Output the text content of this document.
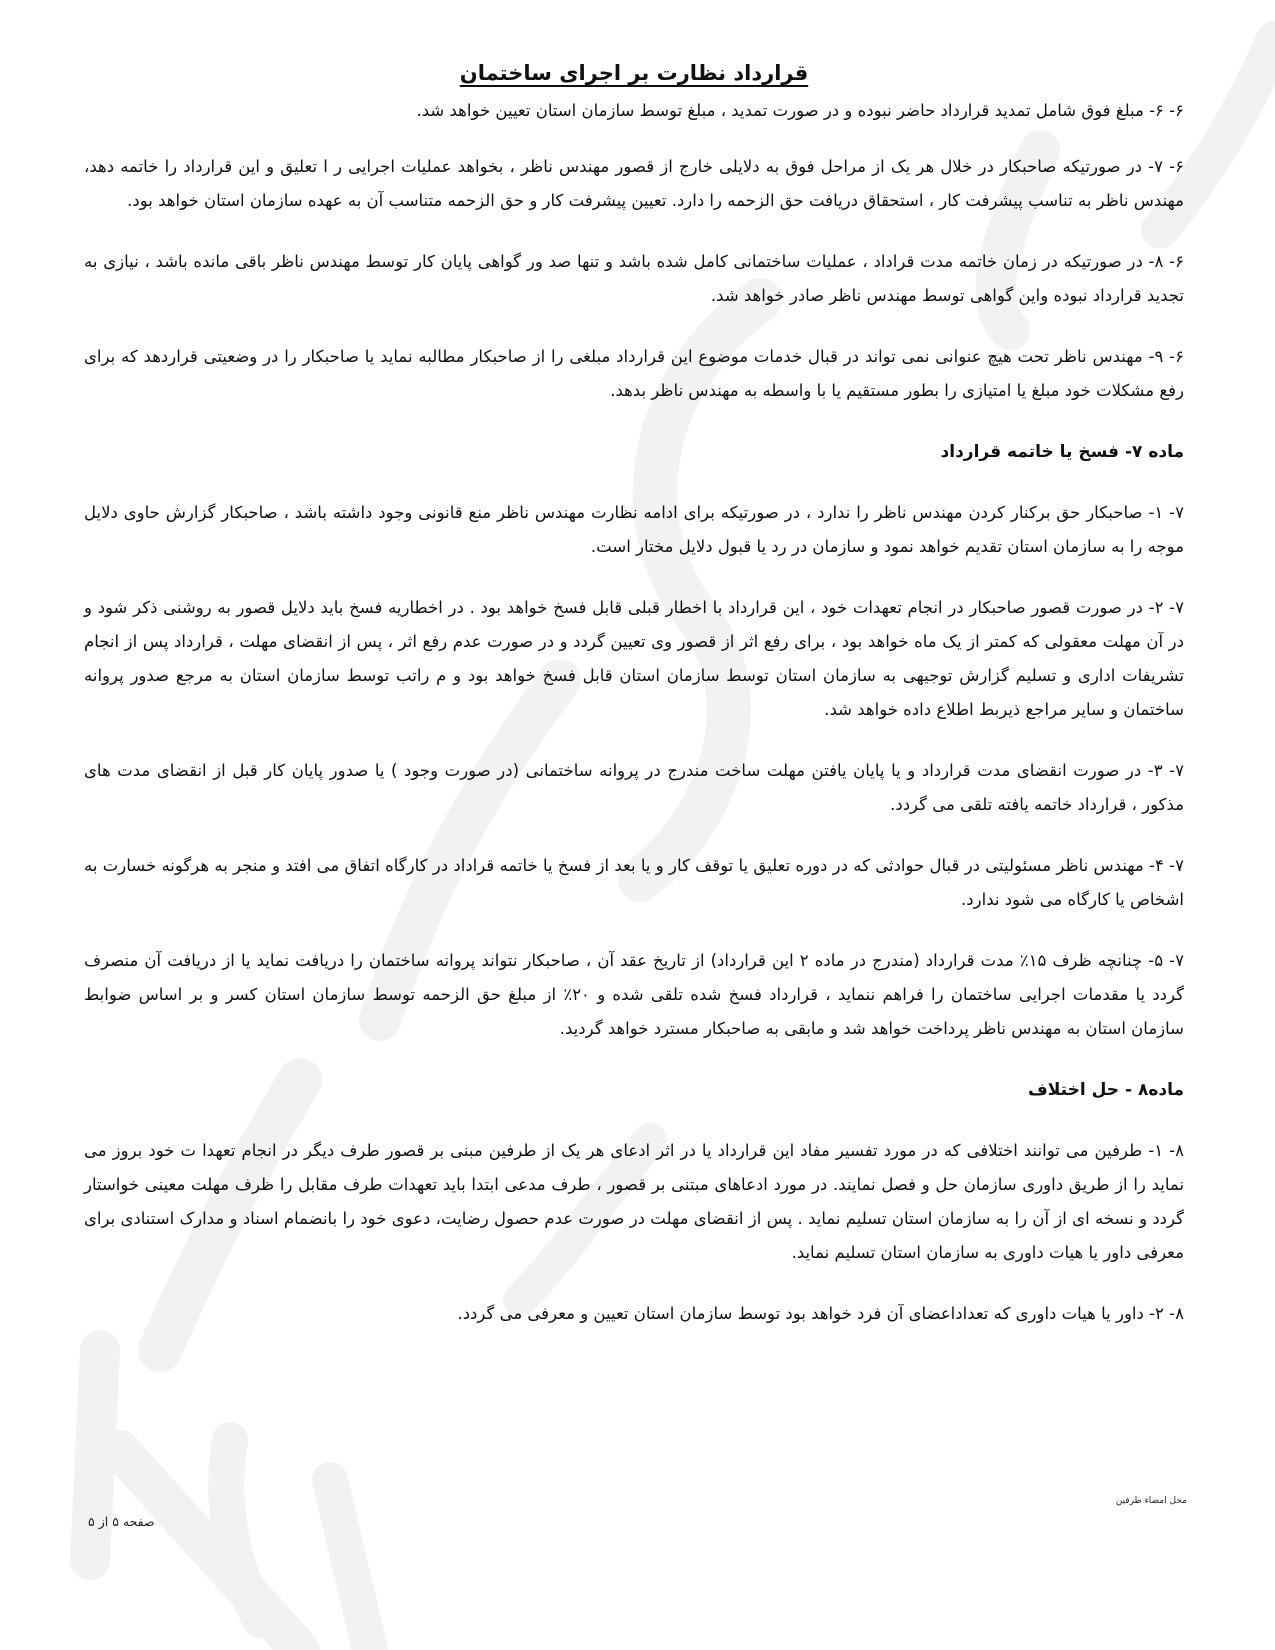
قرارداد نظارت بر اجرای ساختمان

۶- ۶- مبلغ فوق شامل تمدید قرارداد حاضر نبوده و در صورت تمدید ، مبلغ توسط سازمان استان تعیین خواهد شد.

۶- ۷- در صورتیکه صاحبکار در خلال هر یک از مراحل فوق به دلایلی خارج از قصور مهندس ناظر ، بخواهد عملیات اجرایی ر ا تعلیق و این قرارداد را خاتمه دهد، مهندس ناظر به تناسب پیشرفت کار ، استحقاق دریافت حق الزحمه را دارد. تعیین پیشرفت کار و حق الزحمه متناسب آن به عهده سازمان استان خواهد بود.

۶- ۸- در صورتیکه در زمان خاتمه مدت قراداد ، عملیات ساختمانی کامل شده باشد و تنها صد ور گواهی پایان کار توسط مهندس ناظر باقی مانده باشد ، نیازی به تجدید قرارداد نبوده واین گواهی توسط مهندس ناظر صادر خواهد شد.

۶- ۹- مهندس ناظر تحت هیچ عنوانی نمی تواند در قبال خدمات موضوع این قرارداد مبلغی را از صاحبکار مطالبه نماید یا صاحبکار را در وضعیتی قراردهد که برای رفع مشکلات خود مبلغ یا امتیازی را بطور مستقیم یا با واسطه به مهندس ناظر بدهد.

ماده ۷- فسخ یا خاتمه قرارداد

۷- ۱- صاحبکار حق برکنار کردن مهندس ناظر را ندارد ، در صورتیکه برای ادامه نظارت مهندس ناظر منع قانونی وجود داشته باشد ، صاحبکار گزارش حاوی دلایل موجه را به سازمان استان تقدیم خواهد نمود و سازمان در رد یا قبول دلایل مختار است.

۷- ۲- در صورت قصور صاحبکار در انجام تعهدات خود ، این قرارداد با اخطار قبلی قابل فسخ خواهد بود . در اخطاریه فسخ باید دلایل قصور به روشنی ذکر شود و در آن مهلت معقولی که کمتر از یک ماه خواهد بود ، برای رفع اثر از قصور وی تعیین گردد و در صورت عدم رفع اثر ، پس از انقضای مهلت ، قرارداد پس از انجام تشریفات اداری و تسلیم گزارش توجیهی به سازمان استان توسط سازمان استان قابل فسخ خواهد بود و م راتب توسط سازمان استان به مرجع صدور پروانه ساختمان و سایر مراجع ذیربط اطلاع داده خواهد شد.

۷- ۳- در صورت انقضای مدت قرارداد و یا پایان یافتن مهلت ساخت مندرج در پروانه ساختمانی (در صورت وجود ) یا صدور پایان کار قبل از انقضای مدت های مذکور ، قرارداد خاتمه یافته تلقی می گردد.

۷- ۴- مهندس ناظر مسئولیتی در قبال حوادثی که در دوره تعلیق یا توقف کار و یا بعد از فسخ یا خاتمه قراداد در کارگاه اتفاق می افتد و منجر به هرگونه خسارت به اشخاص یا کارگاه می شود ندارد.

۷- ۵- چنانچه ظرف ۱۵٪ مدت قرارداد (مندرج در ماده ۲ این قرارداد) از تاریخ عقد آن ، صاحبکار نتواند پروانه ساختمان را دریافت نماید یا از دریافت آن منصرف گردد یا مقدمات اجرایی ساختمان را فراهم ننماید ، قرارداد فسخ شده تلقی شده و ۲۰٪ از مبلغ حق الزحمه توسط سازمان استان کسر و بر اساس ضوابط سازمان استان به مهندس ناظر پرداخت خواهد شد و مابقی به صاحبکار مسترد خواهد گردید.

ماده۸ - حل اختلاف

۸- ۱- طرفین می توانند اختلافی که در مورد تفسیر مفاد این قرارداد یا در اثر ادعای هر یک از طرفین مبنی بر قصور طرف دیگر در انجام تعهدا ت خود بروز می نماید را از طریق داوری سازمان حل و فصل نمایند. در مورد ادعاهای مبتنی بر قصور ، طرف مدعی ابتدا باید تعهدات طرف مقابل را ظرف مهلت معینی خواستار گردد و نسخه ای از آن را به سازمان استان تسلیم نماید . پس از انقضای مهلت در صورت عدم حصول رضایت، دعوی خود را بانضمام اسناد و مدارک استنادی برای معرفی داور یا هیات داوری به سازمان استان تسلیم نماید.

۸- ۲- داور یا هیات داوری که تعداداعضای آن فرد خواهد بود توسط سازمان استان تعیین و معرفی می گردد.

محل امضاء طرفین
صفحه ۵ از ۵
